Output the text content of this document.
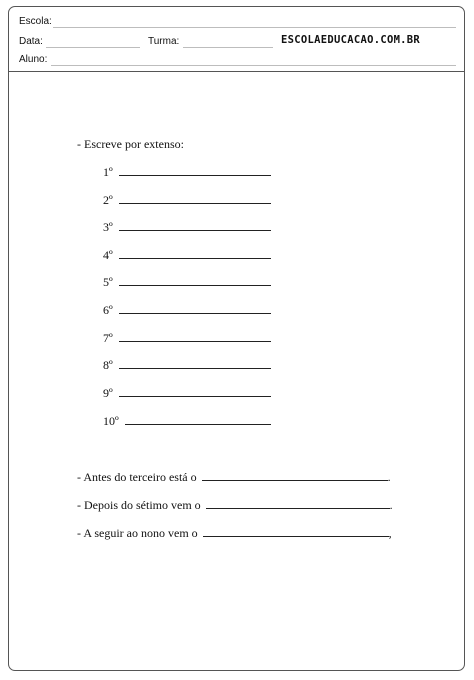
Escola:
Data:	Turma:	ESCOLAEDUCACAO.COM.BR
Aluno:
- Escreve por extenso:
1º
2º
3º
4º
5º
6º
7º
8º
9º
10º
- Antes do terceiro está o	.
- Depois do sétimo vem o	.
- A seguir ao nono vem o	,
